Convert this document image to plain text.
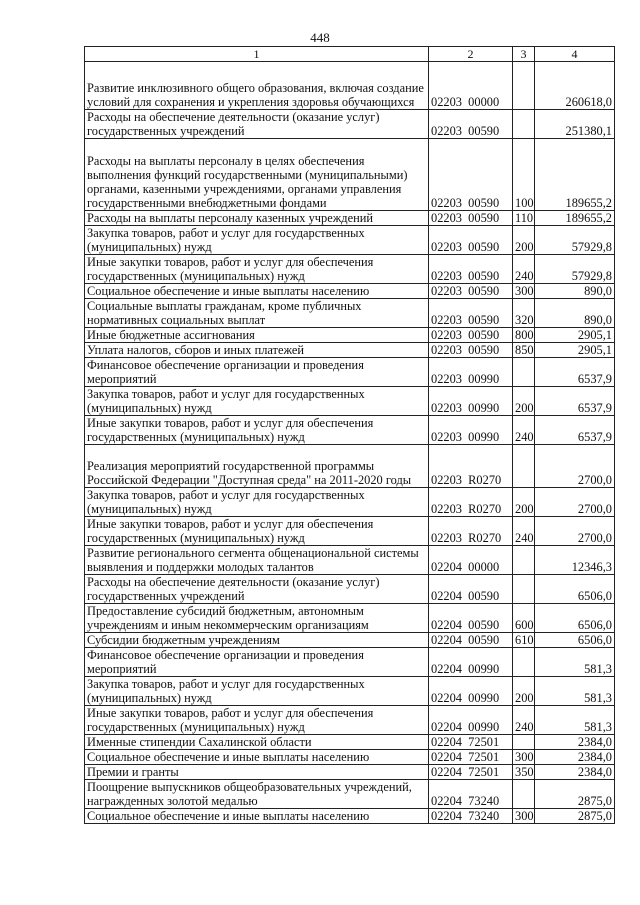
448
1	2	3	4
Развитие инклюзивного общего образования, включая создание условий для сохранения и укрепления здоровья обучающихся	02203  00000		260618,0
Расходы на обеспечение деятельности (оказание услуг) государственных учреждений	02203  00590		251380,1
Расходы на выплаты персоналу в целях обеспечения выполнения функций государственными (муниципальными) органами, казенными учреждениями, органами управления государственными внебюджетными фондами	02203  00590	100	189655,2
Расходы на выплаты персоналу казенных учреждений	02203  00590	110	189655,2
Закупка товаров, работ и услуг для государственных (муниципальных) нужд	02203  00590	200	57929,8
Иные закупки товаров, работ и услуг для обеспечения государственных (муниципальных) нужд	02203  00590	240	57929,8
Социальное обеспечение и иные выплаты населению	02203  00590	300	890,0
Социальные выплаты гражданам, кроме публичных нормативных социальных выплат	02203  00590	320	890,0
Иные бюджетные ассигнования	02203  00590	800	2905,1
Уплата налогов, сборов и иных платежей	02203  00590	850	2905,1
Финансовое обеспечение организации и проведения мероприятий	02203  00990		6537,9
Закупка товаров, работ и услуг для государственных (муниципальных) нужд	02203  00990	200	6537,9
Иные закупки товаров, работ и услуг для обеспечения государственных (муниципальных) нужд	02203  00990	240	6537,9
Реализация мероприятий государственной программы Российской Федерации "Доступная среда" на 2011-2020 годы	02203  R0270		2700,0
Закупка товаров, работ и услуг для государственных (муниципальных) нужд	02203  R0270	200	2700,0
Иные закупки товаров, работ и услуг для обеспечения государственных (муниципальных) нужд	02203  R0270	240	2700,0
Развитие регионального сегмента общенациональной системы выявления и поддержки молодых талантов	02204  00000		12346,3
Расходы на обеспечение деятельности (оказание услуг) государственных учреждений	02204  00590		6506,0
Предоставление субсидий бюджетным, автономным учреждениям и иным некоммерческим организациям	02204  00590	600	6506,0
Субсидии бюджетным учреждениям	02204  00590	610	6506,0
Финансовое обеспечение организации и проведения мероприятий	02204  00990		581,3
Закупка товаров, работ и услуг для государственных (муниципальных) нужд	02204  00990	200	581,3
Иные закупки товаров, работ и услуг для обеспечения государственных (муниципальных) нужд	02204  00990	240	581,3
Именные стипендии Сахалинской области	02204  72501		2384,0
Социальное обеспечение и иные выплаты населению	02204  72501	300	2384,0
Премии и гранты	02204  72501	350	2384,0
Поощрение выпускников общеобразовательных учреждений, награжденных золотой медалью	02204  73240		2875,0
Социальное обеспечение и иные выплаты населению	02204  73240	300	2875,0
